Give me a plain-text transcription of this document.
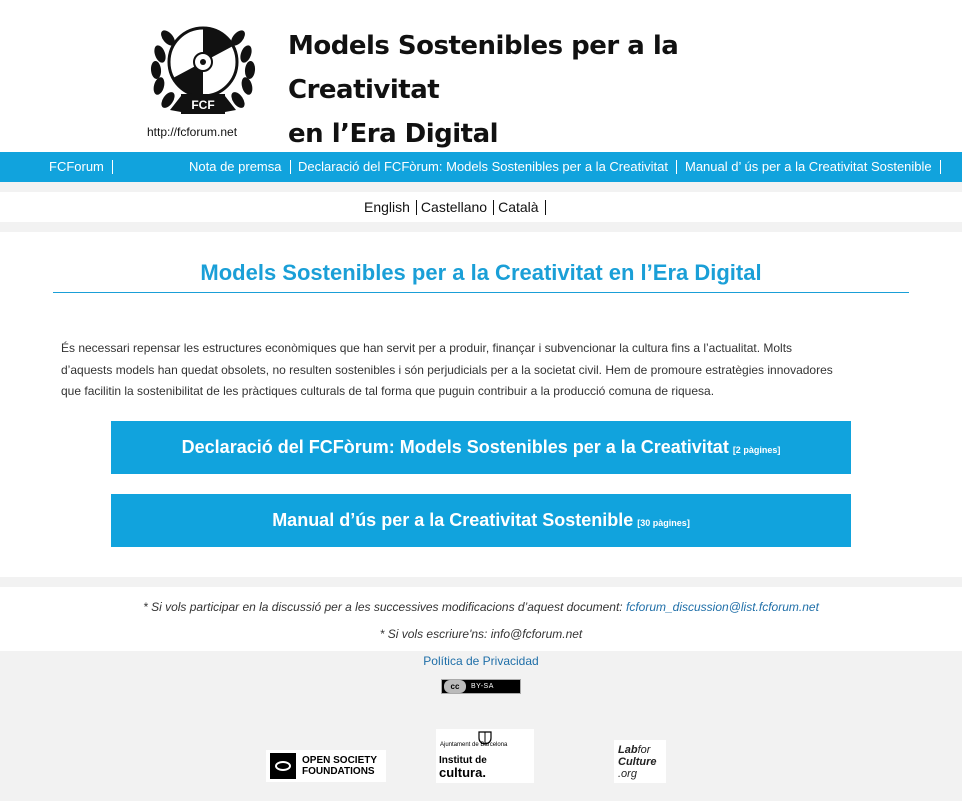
FCF
http://fcforum.net
Models Sostenibles per a la Creativitat
en l’Era Digital
FCForum	Nota de premsa	Declaració del FCFòrum: Models Sostenibles per a la Creativitat	Manual d’ ús per a la Creativitat Sostenible
English Castellano Català
Models Sostenibles per a la Creativitat en l’Era Digital
És necessari repensar les estructures econòmiques que han servit per a produir, finançar i subvencionar la cultura fins a l’actualitat. Molts
d’aquests models han quedat obsolets, no resulten sostenibles i són perjudicials per a la societat civil. Hem de promoure estratègies innovadores
que facilitin la sostenibilitat de les pràctiques culturals de tal forma que puguin contribuir a la producció comuna de riquesa.
Declaració del FCFòrum: Models Sostenibles per a la Creativitat [2 pàgines]
Manual d’ús per a la Creativitat Sostenible [30 pàgines]
* Si vols participar en la discussió per a les successives modificacions d’aquest document: fcforum_discussion@list.fcforum.net
* Si vols escriure'ns: info@fcforum.net
Política de Privacidad
cc	BY-SA
OPEN SOCIETY
FOUNDATIONS
Ajuntament de Barcelona
Institut de
cultura.
Labfor
Culture
.org
